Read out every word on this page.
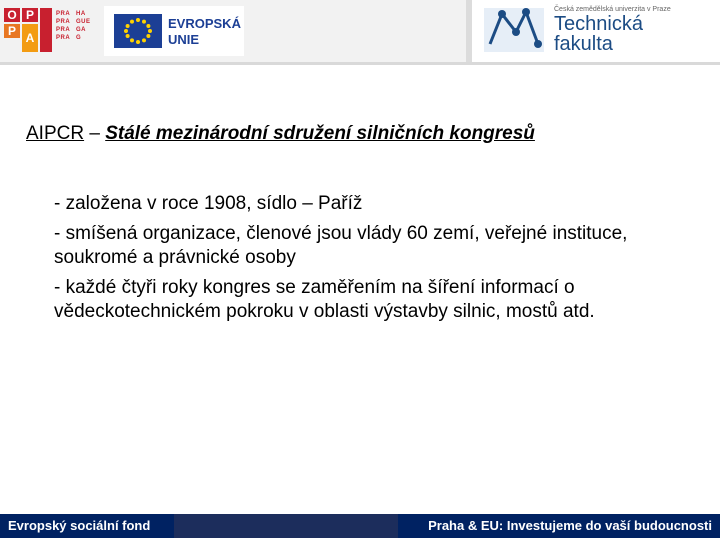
O P
P A
PRA
PRA
PRA
PRA
HA
GUE
GA
G
EVROPSKÁ
UNIE
Česká zemědělská univerzita v Praze
Technická
fakulta
AIPCR – Stálé mezinárodní sdružení silničních kongresů
- založena v roce 1908, sídlo – Paříž
- smíšená organizace, členové jsou vlády 60 zemí, veřejné instituce, soukromé a právnické osoby
- každé čtyři roky kongres se zaměřením na šíření informací o vědeckotechnickém pokroku v oblasti výstavby silnic, mostů atd.
Evropský sociální fond	Praha & EU: Investujeme do vaší budoucnosti
